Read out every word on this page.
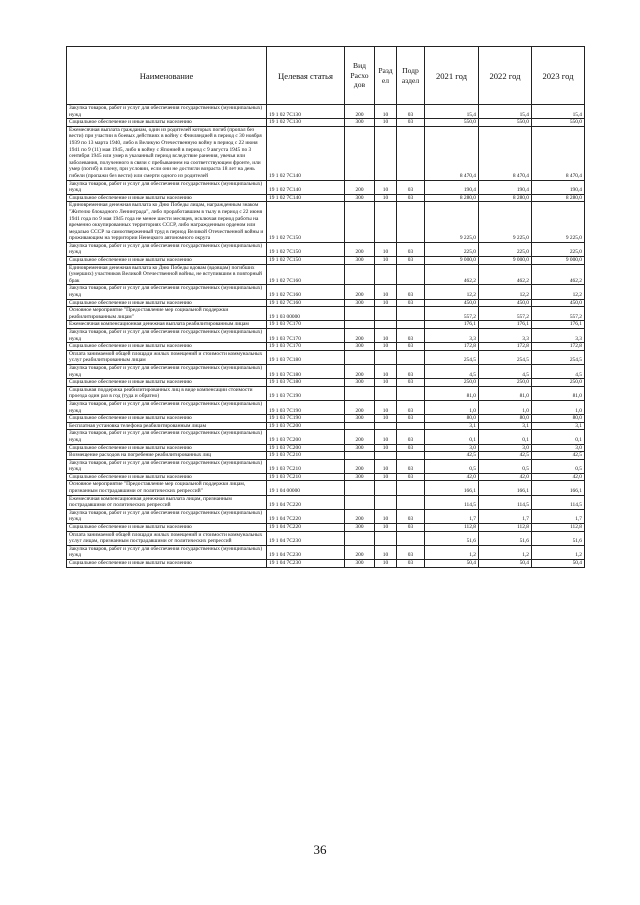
Наименование	Целевая статья	Вид Расхо дов	Разд ел	Подр аздел	2021 год	2022 год	2023 год
Закупка товаров, работ и услуг для обеспечения государственных (муниципальных) нужд	19 1 02 7С130	200	10	03	15,4	15,4	15,4
Социальное обеспечение и иные выплаты населению	19 1 02 7С130	300	10	03	550,0	550,0	550,0
Ежемесячная выплата гражданам, один из родителей которых погиб (пропал без вести) при участии в боевых действиях в войну с Финляндией в период с 30 ноября 1939 по 13 марта 1940, либо в Великую Отечественную войну в период с 22 июня 1941 по 9 (11) мая 1945, либо в войну с Японией в период с 9 августа 1945 по 3 сентября 1945 или умер в указанный период вследствие ранения, увечья или заболевания, полученного в связи с пребыванием на соответствующем фронте, или умер (погиб) в плену, при условии, если они не достигли возраста 18 лет на день гибели (пропажи без вести) или смерти одного из родителей	19 1 02 7С140				8 470,4	8 470,4	8 470,4
Закупка товаров, работ и услуг для обеспечения государственных (муниципальных) нужд	19 1 02 7С140	200	10	03	190,4	190,4	190,4
Социальное обеспечение и иные выплаты населению	19 1 02 7С140	300	10	03	8 280,0	8 280,0	8 280,0
Единовременная денежная выплата ко Дню Победы лицам, награжденным знаком "Жителю блокадного Ленинграда", либо проработавшим в тылу в период с 22 июня 1941 года по 9 мая 1945 года не менее шести месяцев, исключая период работы на временно оккупированных территориях СССР, либо награжденным орденом или медалью СССР за самоотверженный труд в период Великой Отечественной войны и проживающим на территории Ненецкого автономного округа	19 1 02 7С150				9 225,0	9 225,0	9 225,0
Закупка товаров, работ и услуг для обеспечения государственных (муниципальных) нужд	19 1 02 7С150	200	10	03	225,0	225,0	225,0
Социальное обеспечение и иные выплаты населению	19 1 02 7С150	300	10	03	9 000,0	9 000,0	9 000,0
Единовременная денежная выплата ко Дню Победы вдовам (вдовцам) погибших (умерших) участников Великой Отечественной войны, не вступившим в повторный брак	19 1 02 7С160				462,2	462,2	462,2
Закупка товаров, работ и услуг для обеспечения государственных (муниципальных) нужд	19 1 02 7С160	200	10	03	12,2	12,2	12,2
Социальное обеспечение и иные выплаты населению	19 1 02 7С160	300	10	03	450,0	450,0	450,0
Основное мероприятие "Предоставление мер социальной поддержки реабилитированным лицам"	19 1 03 00000				557,2	557,2	557,2
Ежемесячная компенсационная денежная выплата реабилитированным лицам	19 1 03 7С170				176,1	176,1	176,1
Закупка товаров, работ и услуг для обеспечения государственных (муниципальных) нужд	19 1 03 7С170	200	10	03	3,3	3,3	3,3
Социальное обеспечение и иные выплаты населению	19 1 03 7С170	300	10	03	172,8	172,8	172,8
Оплата занимаемой общей площади жилых помещений и стоимости коммунальных услуг реабилитированным лицам	19 1 03 7С180				254,5	254,5	254,5
Закупка товаров, работ и услуг для обеспечения государственных (муниципальных) нужд	19 1 03 7С180	200	10	03	4,5	4,5	4,5
Социальное обеспечение и иные выплаты населению	19 1 03 7С180	300	10	03	250,0	250,0	250,0
Социальная поддержка реабилитированных лиц в виде компенсации стоимости проезда один раз в год (туда и обратно)	19 1 03 7С190				81,0	81,0	81,0
Закупка товаров, работ и услуг для обеспечения государственных (муниципальных) нужд	19 1 03 7С190	200	10	03	1,0	1,0	1,0
Социальное обеспечение и иные выплаты населению	19 1 03 7С190	300	10	03	80,0	80,0	80,0
Бесплатная установка телефона реабилитированным лицам	19 1 03 7С200				3,1	3,1	3,1
Закупка товаров, работ и услуг для обеспечения государственных (муниципальных) нужд	19 1 03 7С200	200	10	03	0,1	0,1	0,1
Социальное обеспечение и иные выплаты населению	19 1 03 7С200	300	10	03	3,0	3,0	3,0
Возмещение расходов на погребение реабилитированных лиц	19 1 03 7С210				42,5	42,5	42,5
Закупка товаров, работ и услуг для обеспечения государственных (муниципальных) нужд	19 1 03 7С210	200	10	03	0,5	0,5	0,5
Социальное обеспечение и иные выплаты населению	19 1 03 7С210	300	10	03	42,0	42,0	42,0
Основное мероприятие "Предоставление мер социальной поддержки лицам, признанным пострадавшими от политических репрессий"	19 1 04 00000				166,1	166,1	166,1
Ежемесячная компенсационная денежная выплата лицам, признанным пострадавшими от политических репрессий	19 1 04 7С220				114,5	114,5	114,5
Закупка товаров, работ и услуг для обеспечения государственных (муниципальных) нужд	19 1 04 7С220	200	10	03	1,7	1,7	1,7
Социальное обеспечение и иные выплаты населению	19 1 04 7С220	300	10	03	112,8	112,8	112,8
Оплата занимаемой общей площади жилых помещений и стоимости коммунальных услуг лицам, признанным пострадавшими от политических репрессий	19 1 04 7С230				51,6	51,6	51,6
Закупка товаров, работ и услуг для обеспечения государственных (муниципальных) нужд	19 1 04 7С230	200	10	03	1,2	1,2	1,2
Социальное обеспечение и иные выплаты населению	19 1 04 7С230	300	10	03	50,4	50,4	50,4
36
